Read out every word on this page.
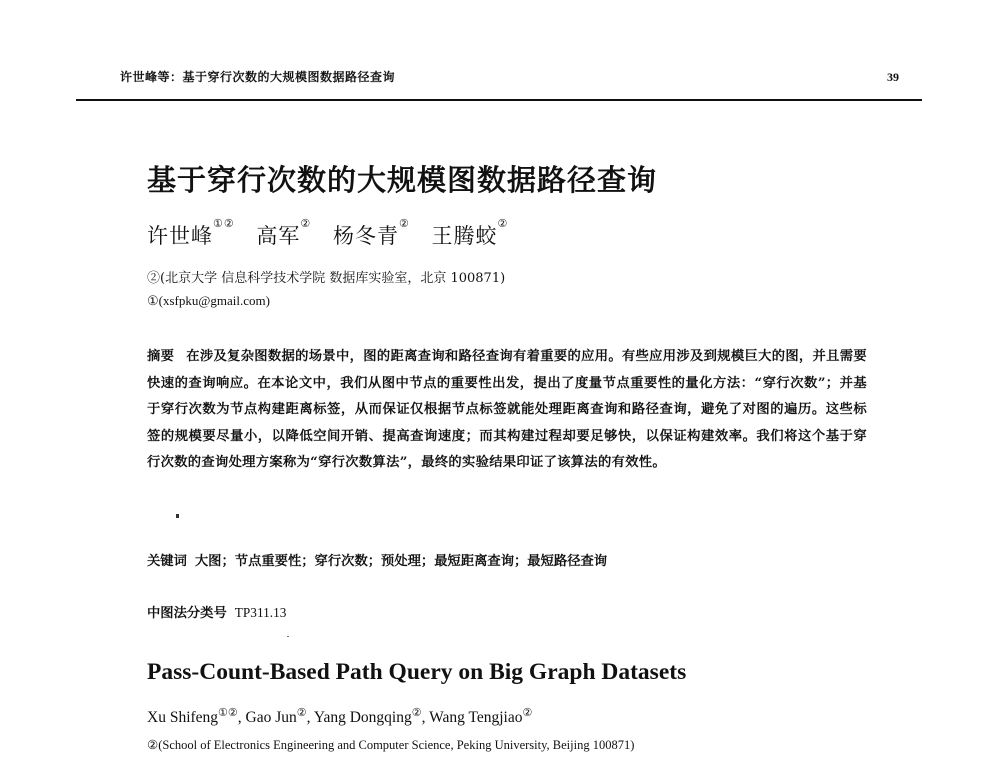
许世峰等：基于穿行次数的大规模图数据路径查询	39
基于穿行次数的大规模图数据路径查询
许世峰①② 高军② 杨冬青② 王腾蛟②
②(北京大学 信息科学技术学院 数据库实验室，北京 100871)
①(xsfpku@gmail.com)
摘要 在涉及复杂图数据的场景中，图的距离查询和路径查询有着重要的应用。有些应用涉及到规模巨大的图，并且需要快速的查询响应。在本论文中，我们从图中节点的重要性出发，提出了度量节点重要性的量化方法：“穿行次数”；并基于穿行次数为节点构建距离标签，从而保证仅根据节点标签就能处理距离查询和路径查询，避免了对图的遍历。这些标签的规模要尽量小，以降低空间开销、提高查询速度；而其构建过程却要足够快，以保证构建效率。我们将这个基于穿行次数的查询处理方案称为“穿行次数算法”，最终的实验结果印证了该算法的有效性。
关键词 大图；节点重要性；穿行次数；预处理；最短距离查询；最短路径查询
中图法分类号 TP311.13
Pass-Count-Based Path Query on Big Graph Datasets
Xu Shifeng①②, Gao Jun②, Yang Dongqing②, Wang Tengjiao②
②(School of Electronics Engineering and Computer Science, Peking University, Beijing 100871)
